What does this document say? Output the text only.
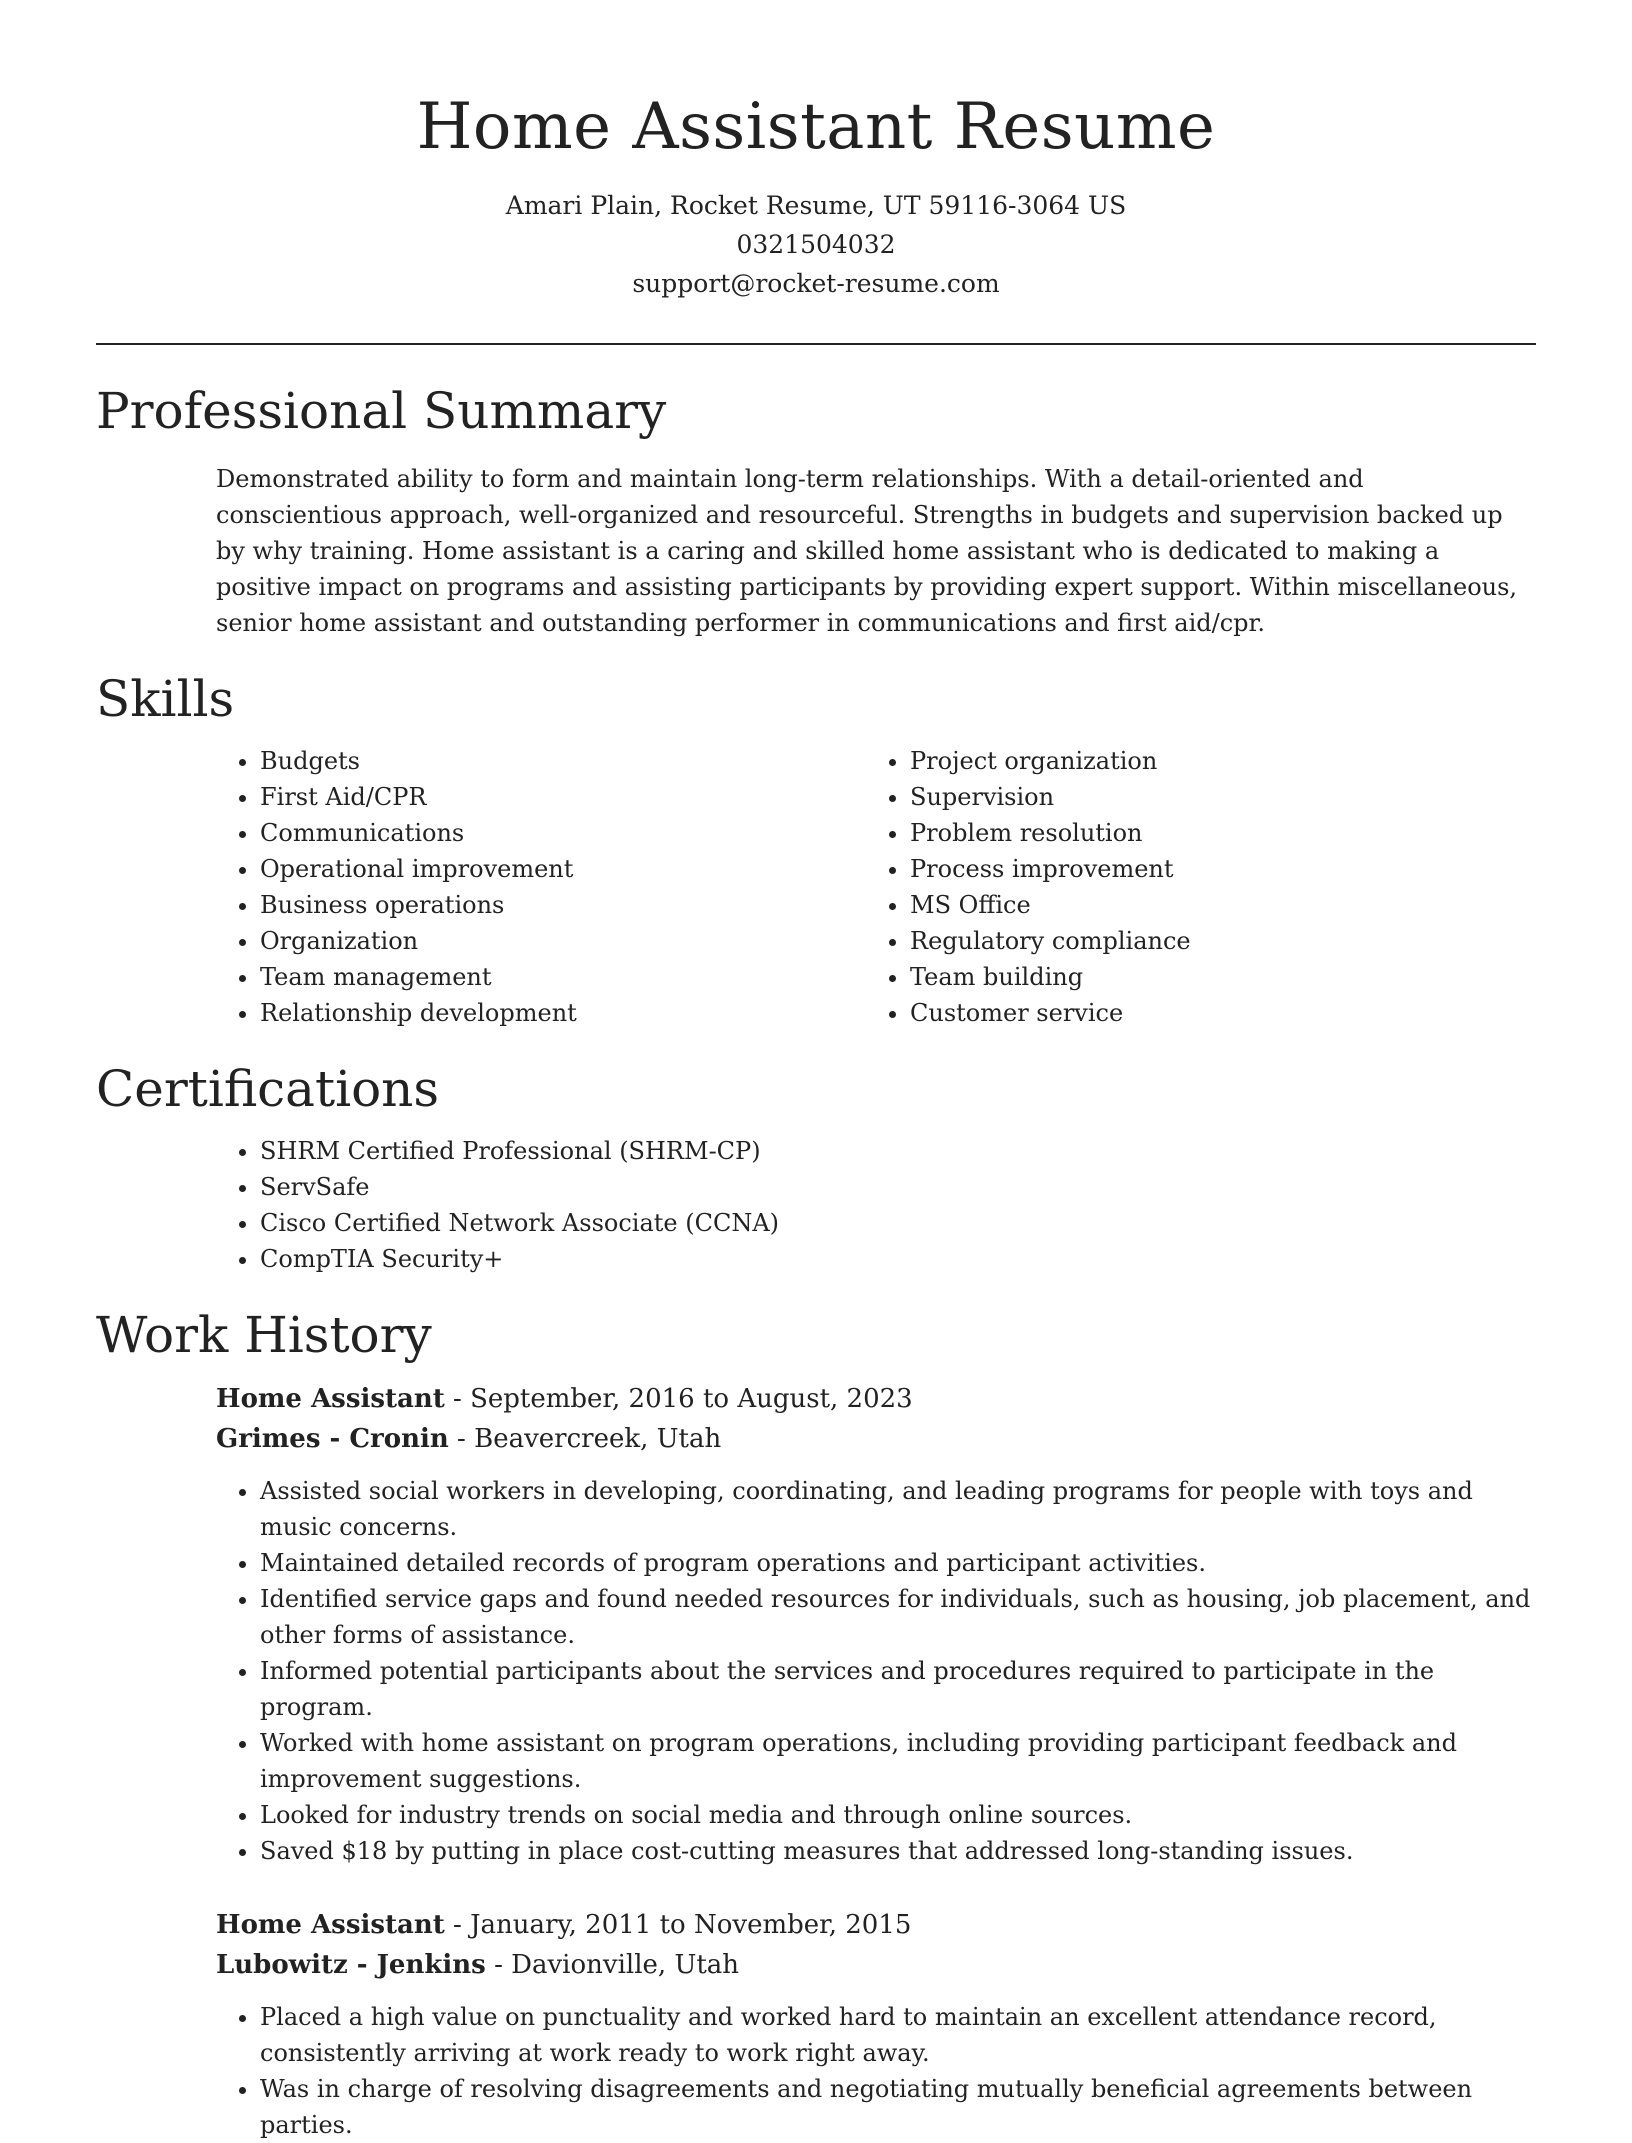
Home Assistant Resume
Amari Plain, Rocket Resume, UT 59116-3064 US
0321504032
support@rocket-resume.com
Professional Summary

Demonstrated ability to form and maintain long-term relationships. With a detail-oriented and conscientious approach, well-organized and resourceful. Strengths in budgets and supervision backed up by why training. Home assistant is a caring and skilled home assistant who is dedicated to making a positive impact on programs and assisting participants by providing expert support. Within miscellaneous, senior home assistant and outstanding performer in communications and first aid/cpr.

Skills
• Budgets
• First Aid/CPR
• Communications
• Operational improvement
• Business operations
• Organization
• Team management
• Relationship development
• Project organization
• Supervision
• Problem resolution
• Process improvement
• MS Office
• Regulatory compliance
• Team building
• Customer service
Certifications
• SHRM Certified Professional (SHRM-CP)
• ServSafe
• Cisco Certified Network Associate (CCNA)
• CompTIA Security+
Work History
Home Assistant - September, 2016 to August, 2023
Grimes - Cronin - Beavercreek, Utah
• Assisted social workers in developing, coordinating, and leading programs for people with toys and music concerns.
• Maintained detailed records of program operations and participant activities.
• Identified service gaps and found needed resources for individuals, such as housing, job placement, and other forms of assistance.
• Informed potential participants about the services and procedures required to participate in the program.
• Worked with home assistant on program operations, including providing participant feedback and improvement suggestions.
• Looked for industry trends on social media and through online sources.
• Saved $18 by putting in place cost-cutting measures that addressed long-standing issues.
Home Assistant - January, 2011 to November, 2015
Lubowitz - Jenkins - Davionville, Utah
• Placed a high value on punctuality and worked hard to maintain an excellent attendance record, consistently arriving at work ready to work right away.
• Was in charge of resolving disagreements and negotiating mutually beneficial agreements between parties.
